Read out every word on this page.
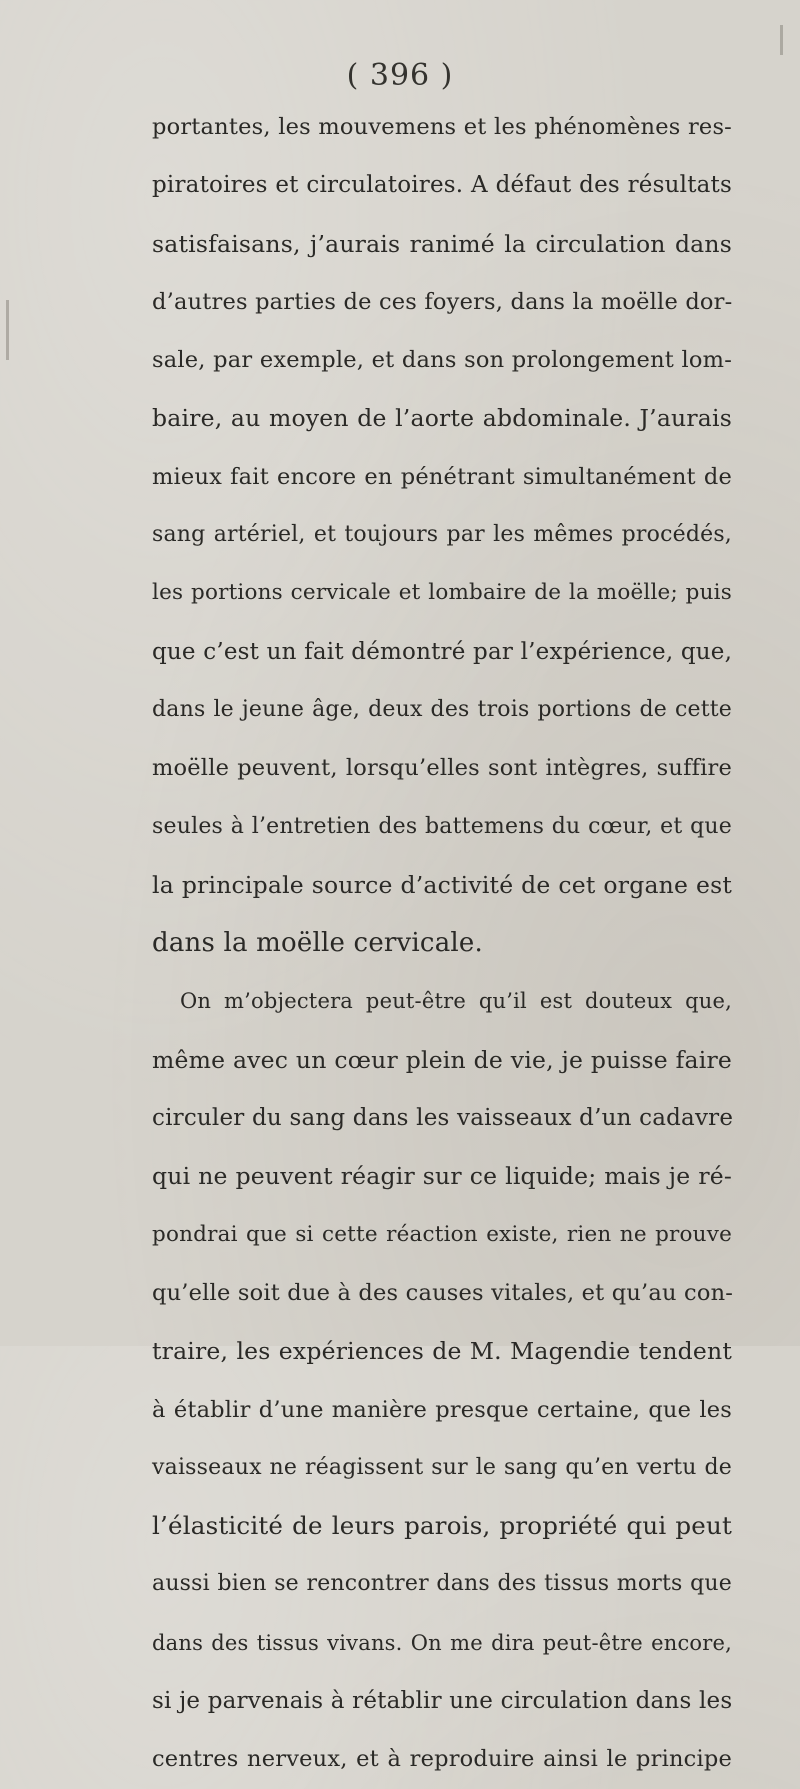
( 396 )
portantes, les mouvemens et les phénomènes res-
piratoires et circulatoires. A défaut des résultats
satisfaisans, j’aurais ranimé la circulation dans
d’autres parties de ces foyers, dans la moëlle dor-
sale, par exemple, et dans son prolongement lom-
baire, au moyen de l’aorte abdominale. J’aurais
mieux fait encore en pénétrant simultanément de
sang artériel, et toujours par les mêmes procédés,
les portions cervicale et lombaire de la moëlle; puis
que c’est un fait démontré par l’expérience, que,
dans le jeune âge, deux des trois portions de cette
moëlle peuvent, lorsqu’elles sont intègres, suffire
seules à l’entretien des battemens du cœur, et que
la principale source d’activité de cet organe est
dans la moëlle cervicale.
On m’objectera peut-être qu’il est douteux que,
même avec un cœur plein de vie, je puisse faire
circuler du sang dans les vaisseaux d’un cadavre
qui ne peuvent réagir sur ce liquide; mais je ré-
pondrai que si cette réaction existe, rien ne prouve
qu’elle soit due à des causes vitales, et qu’au con-
traire, les expériences de M. Magendie tendent
à établir d’une manière presque certaine, que les
vaisseaux ne réagissent sur le sang qu’en vertu de
l’élasticité de leurs parois, propriété qui peut
aussi bien se rencontrer dans des tissus morts que
dans des tissus vivans. On me dira peut-être encore,
si je parvenais à rétablir une circulation dans les
centres nerveux, et à reproduire ainsi le principe
